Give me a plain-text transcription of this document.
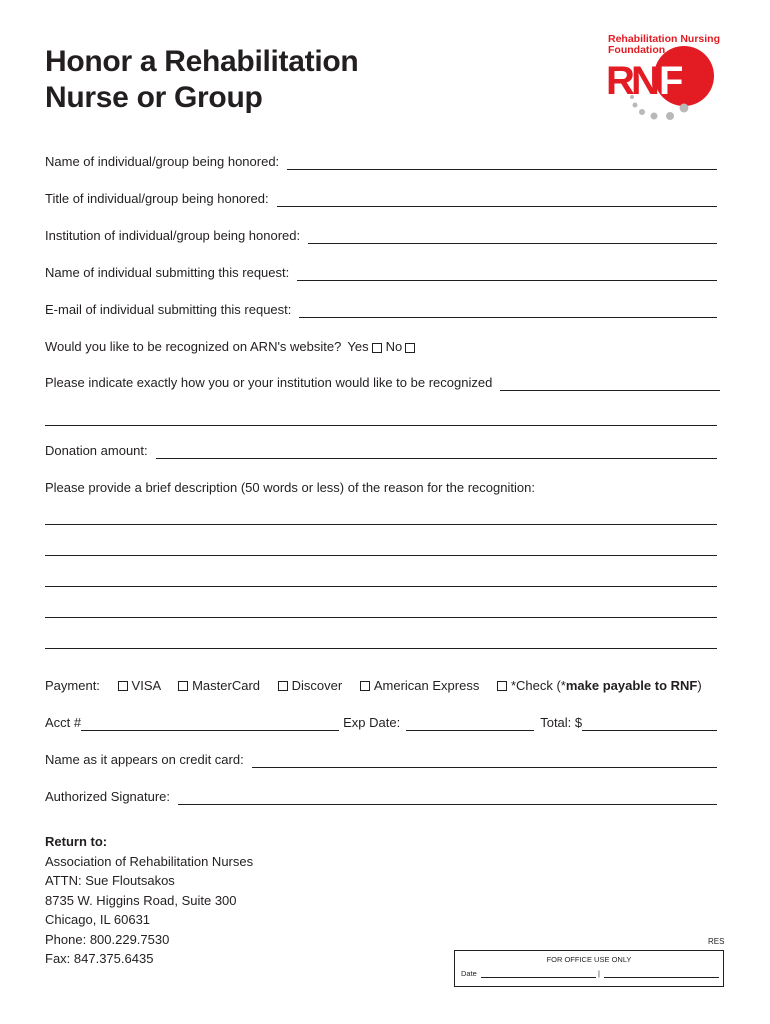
Honor a Rehabilitation
Nurse or Group	R N F
Rehabilitation Nursing
Foundation
Name of individual/group being honored:
Title of individual/group being honored:
Institution of individual/group being honored:
Name of individual submitting this request:
E-mail of individual submitting this request:
Would you like to be recognized on ARN's website? Yes No
Please indicate exactly how you or your institution would like to be recognized
Donation amount:
Please provide a brief description (50 words or less) of the reason for the recognition:
Payment: VISA MasterCard Discover American Express *Check (*make payable to RNF)
Acct #	Exp Date:	Total: $
Name as it appears on credit card:
Authorized Signature:
Return to:
Association of Rehabilitation Nurses
ATTN: Sue Floutsakos
8735 W. Higgins Road, Suite 300
Chicago, IL 60631
Phone: 800.229.7530
Fax: 847.375.6435
RES
FOR OFFICE USE ONLY
Date	|
